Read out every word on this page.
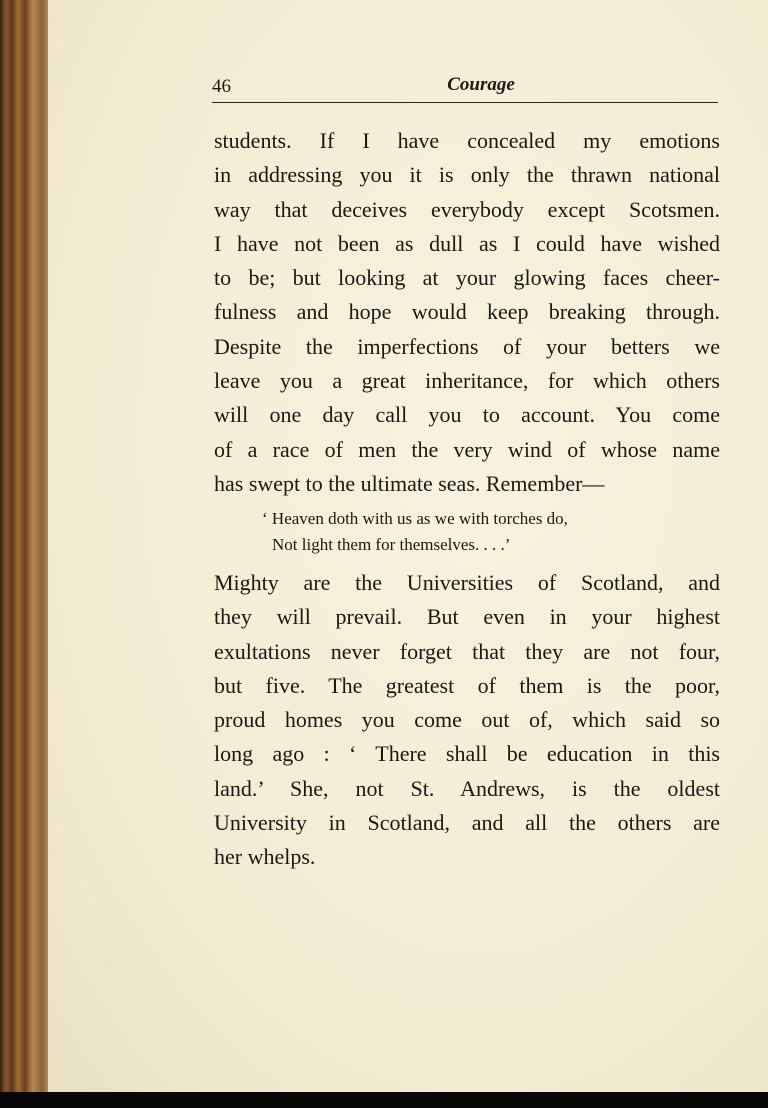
46	Courage
students. If I have concealed my emotions
in addressing you it is only the thrawn national
way that deceives everybody except Scotsmen.
I have not been as dull as I could have wished
to be; but looking at your glowing faces cheer-
fulness and hope would keep breaking through.
Despite the imperfections of your betters we
leave you a great inheritance, for which others
will one day call you to account. You come
of a race of men the very wind of whose name
has swept to the ultimate seas. Remember—
‘ Heaven doth with us as we with torches do,
Not light them for themselves. . . .’
Mighty are the Universities of Scotland, and
they will prevail. But even in your highest
exultations never forget that they are not four,
but five. The greatest of them is the poor,
proud homes you come out of, which said so
long ago : ‘ There shall be education in this
land.’ She, not St. Andrews, is the oldest
University in Scotland, and all the others are
her whelps.
